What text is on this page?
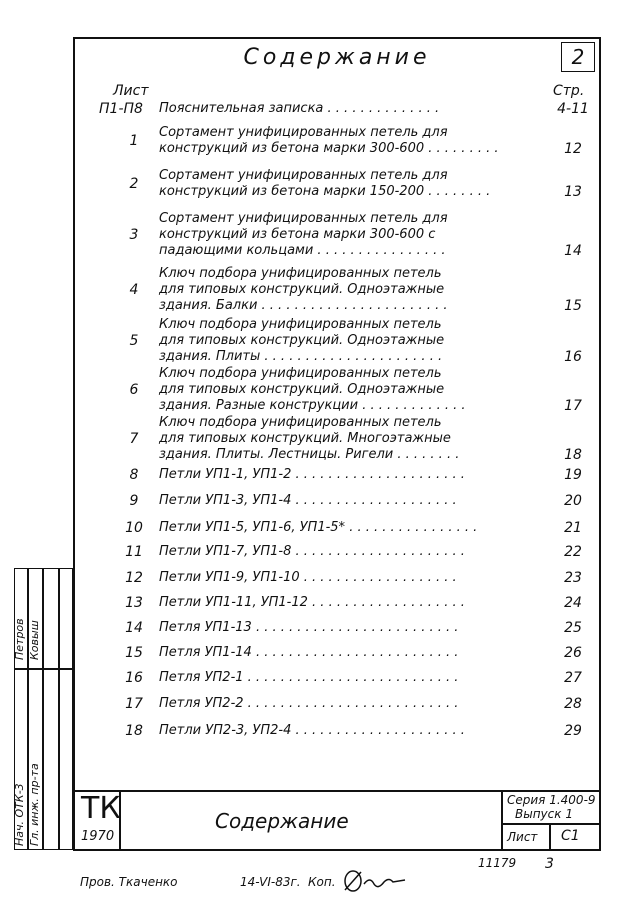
Содержание	2
Лист	Стр.
П1-П8	Пояснительная записка . . . . . . . . . . . . . .	4-11
1
Сортамент унифицированных петель для
конструкций из бетона марки 300-600 . . . . . . . . .	12
2
Сортамент унифицированных петель для
конструкций из бетона марки 150-200 . . . . . . . .	13
3
Сортамент унифицированных петель для
конструкций из бетона марки 300-600 с
падающими кольцами . . . . . . . . . . . . . . . .	14
4
Ключ подбора унифицированных петель
для типовых конструкций. Одноэтажные
здания. Балки . . . . . . . . . . . . . . . . . . . . . . .	15
5
Ключ подбора унифицированных петель
для типовых конструкций. Одноэтажные
здания. Плиты . . . . . . . . . . . . . . . . . . . . . .	16
6
Ключ подбора унифицированных петель
для типовых конструкций. Одноэтажные
здания. Разные конструкции . . . . . . . . . . . . .	17
7
Ключ подбора унифицированных петель
для типовых конструкций. Многоэтажные
здания. Плиты. Лестницы. Ригели . . . . . . . .	18
8	Петли УП1-1, УП1-2 . . . . . . . . . . . . . . . . . . . . .	19
9	Петли УП1-3, УП1-4 . . . . . . . . . . . . . . . . . . . .	20
10	Петли УП1-5, УП1-6, УП1-5* . . . . . . . . . . . . . . . .	21
11	Петли УП1-7, УП1-8 . . . . . . . . . . . . . . . . . . . . .	22
12	Петли УП1-9, УП1-10 . . . . . . . . . . . . . . . . . . .	23
13	Петли УП1-11, УП1-12 . . . . . . . . . . . . . . . . . . .	24
14	Петля УП1-13 . . . . . . . . . . . . . . . . . . . . . . . . .	25
15	Петля УП1-14 . . . . . . . . . . . . . . . . . . . . . . . . .	26
16	Петля УП2-1 . . . . . . . . . . . . . . . . . . . . . . . . . .	27
17	Петля УП2-2 . . . . . . . . . . . . . . . . . . . . . . . . . .	28
18	Петли УП2-3, УП2-4 . . . . . . . . . . . . . . . . . . . . .	29
ТК
1970
Содержание
Серия 1.400-9
Выпуск 1
Лист С1
Нач. ОТК-3 Гл. инж. пр-та
Петров Ковыш
11179 3
Пров. Ткаченко	14-VI-83г. Коп.
